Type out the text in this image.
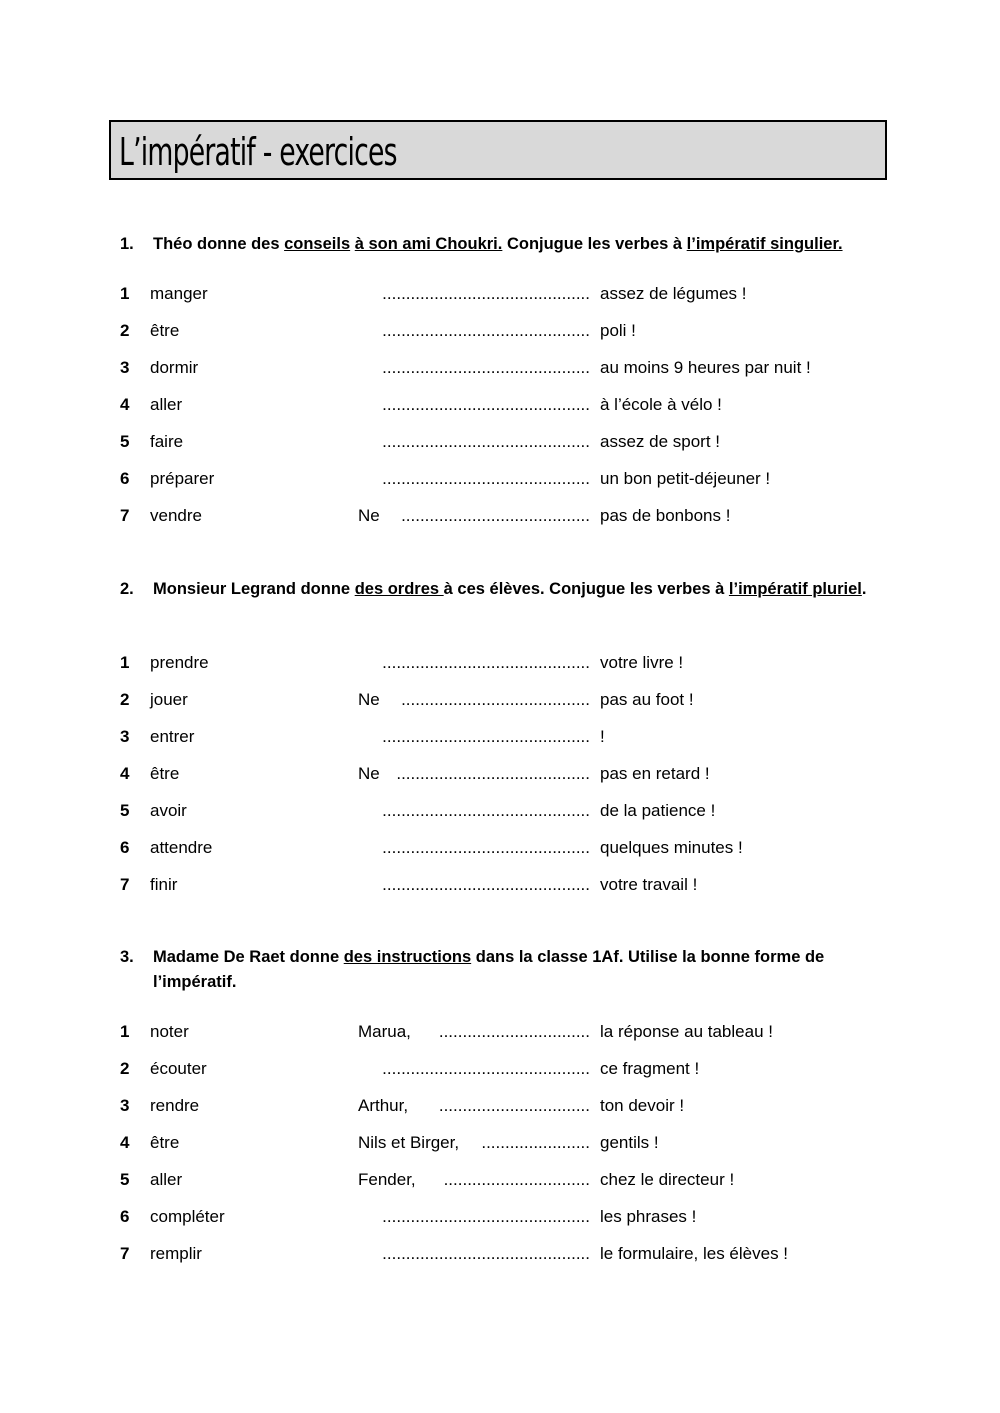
L’impératif - exercices
1. Théo donne des conseils à son ami Choukri. Conjugue les verbes à l’impératif singulier.
1 manger	............................................ assez de légumes !
2 être	............................................ poli !
3 dormir	............................................ au moins 9 heures par nuit !
4 aller	............................................ à l’école à vélo !
5 faire	............................................ assez de sport !
6 préparer	............................................ un bon petit-déjeuner !
7 vendre	Ne ........................................ pas de bonbons !
2. Monsieur Legrand donne des ordres à ces élèves. Conjugue les verbes à l’impératif pluriel.
1 prendre	............................................ votre livre !
2 jouer	Ne ........................................ pas au foot !
3 entrer	............................................ !
4 être	Ne ......................................... pas en retard !
5 avoir	............................................ de la patience !
6 attendre	............................................ quelques minutes !
7 finir	............................................ votre travail !
3. Madame De Raet donne des instructions dans la classe 1Af. Utilise la bonne forme de l’impératif.
1 noter	Marua, ................................ la réponse au tableau !
2 écouter	............................................ ce fragment !
3 rendre	Arthur, ................................ ton devoir !
4 être	Nils et Birger, ....................... gentils !
5 aller	Fender, ............................... chez le directeur !
6 compléter	............................................ les phrases !
7 remplir	............................................ le formulaire, les élèves !
